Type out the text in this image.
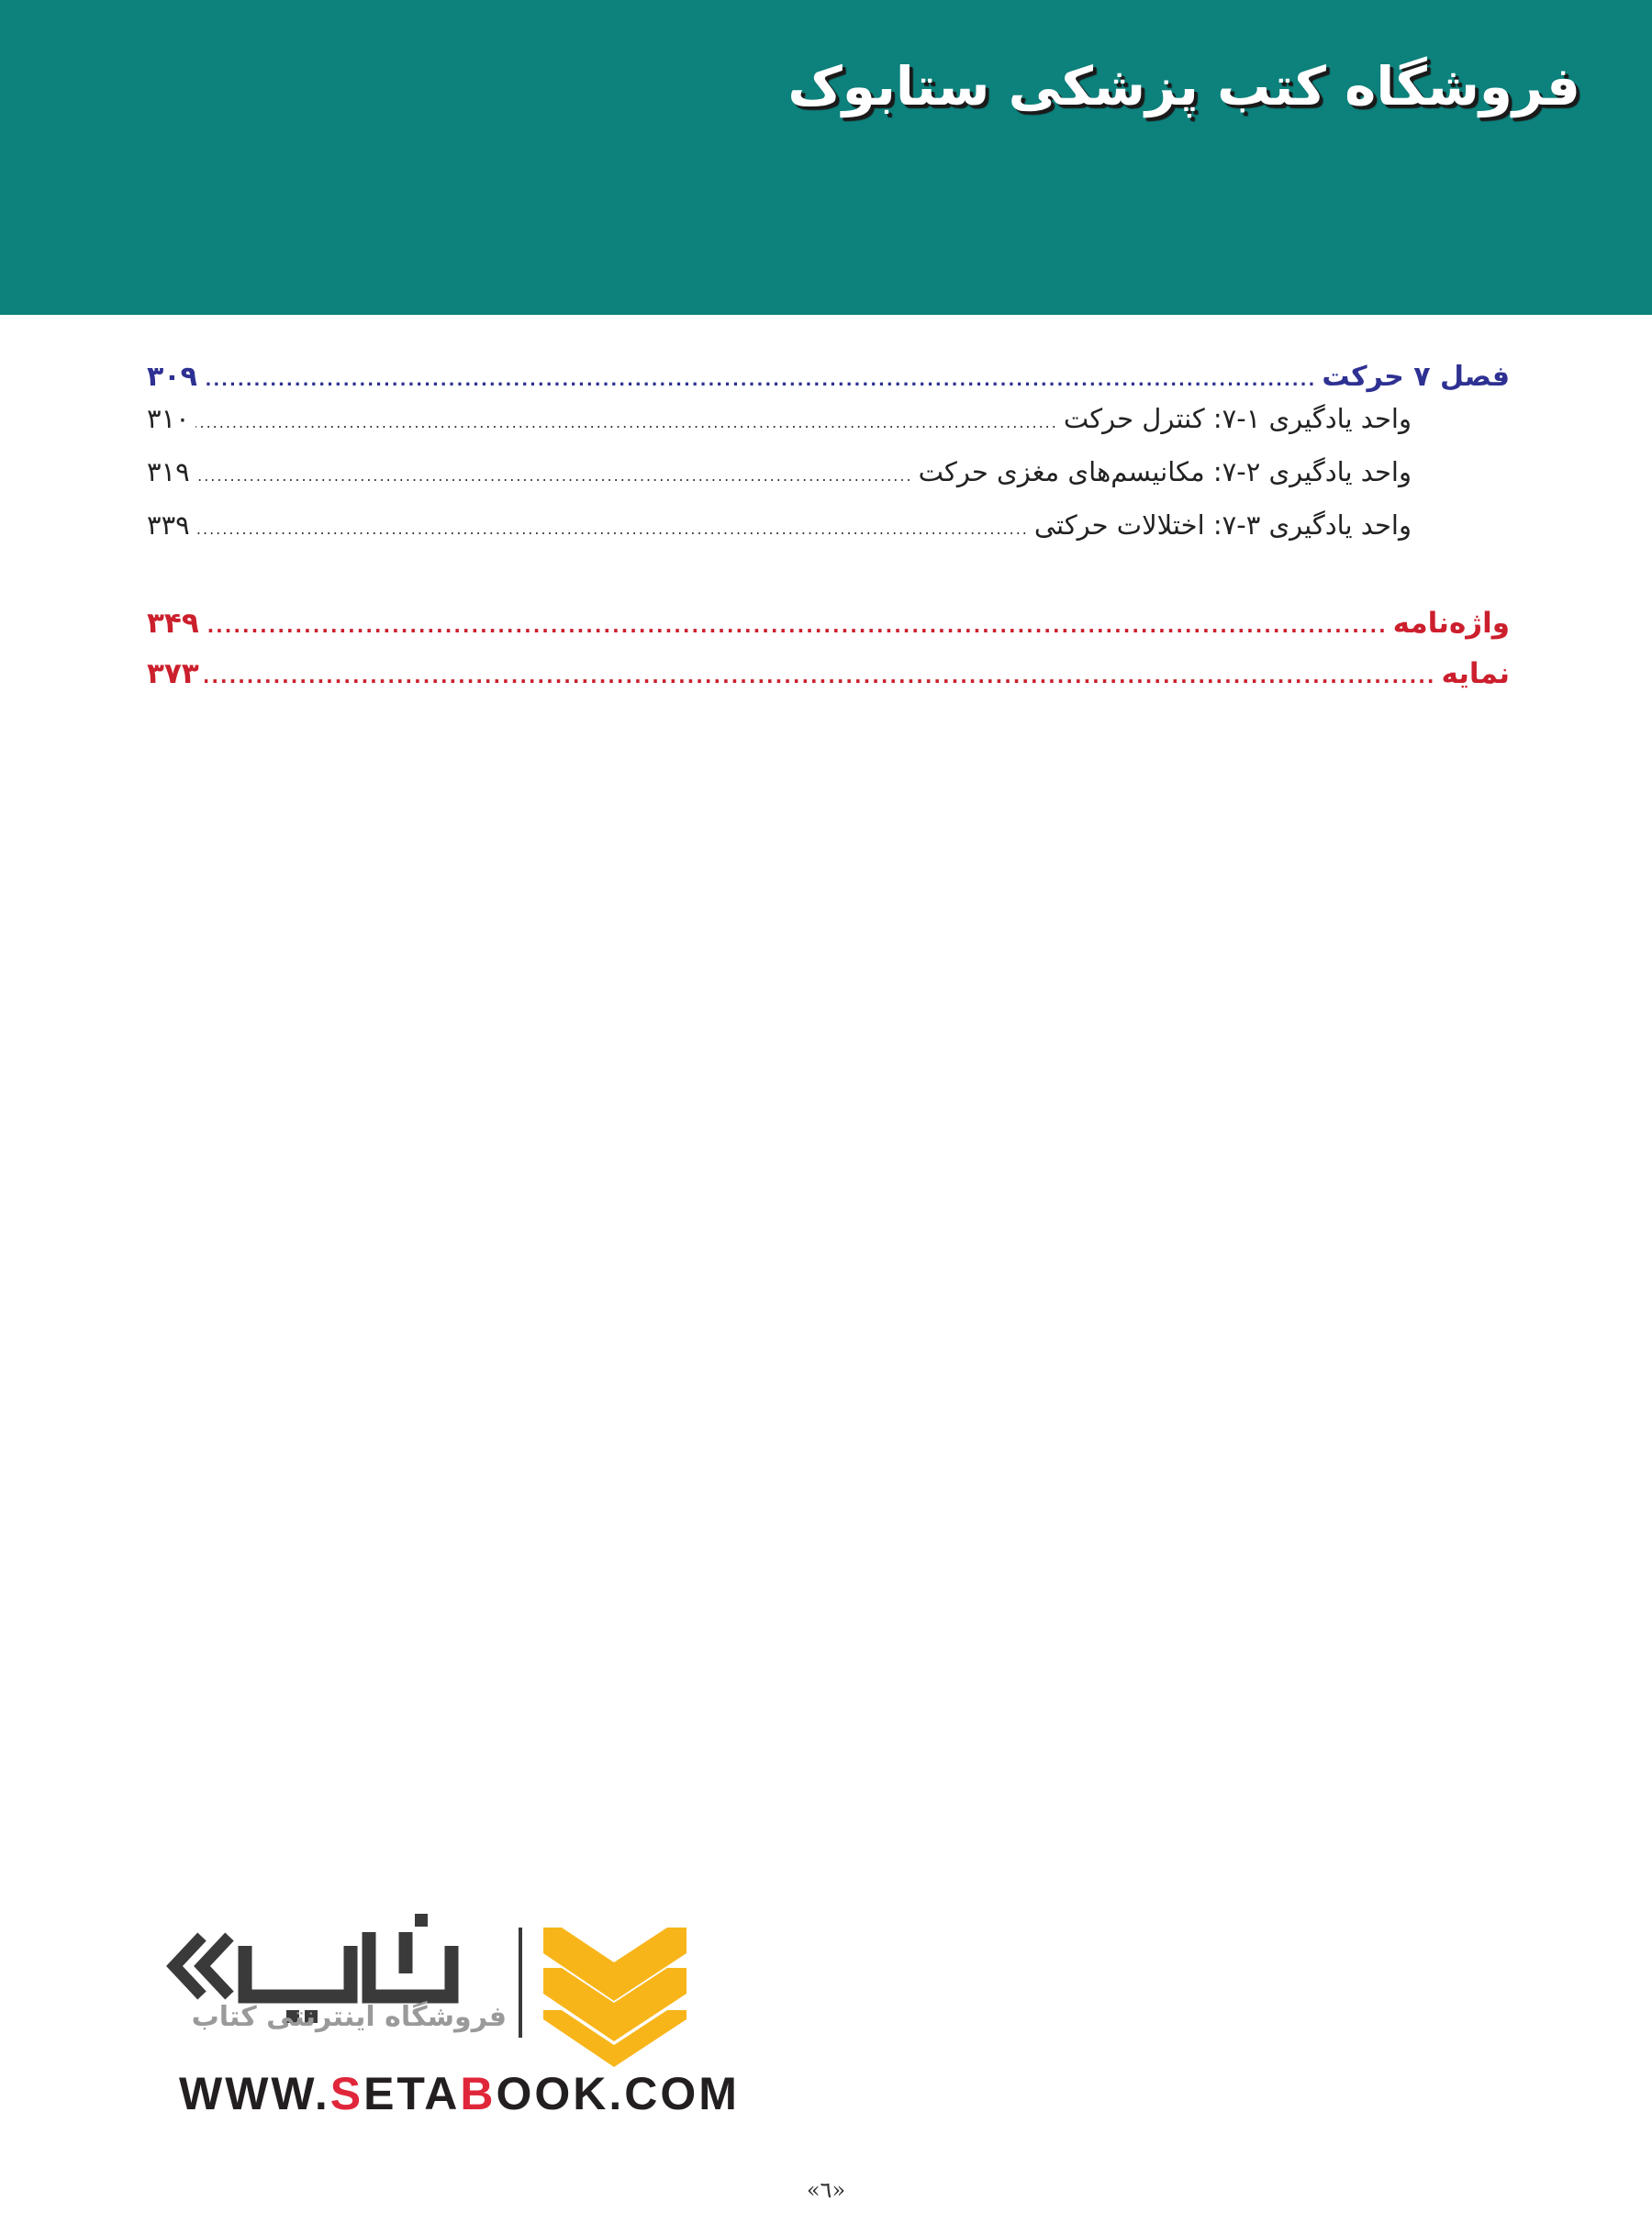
فروشگاه کتب پزشکی ستابوک
فصل ۷ حرکت
.....
۳۰۹
واحد یادگیری ۱-۷: کنترل حرکت
.....
۳۱۰
واحد یادگیری ۲-۷: مکانیسم‌های مغزی حرکت
.....
۳۱۹
واحد یادگیری ۳-۷: اختلالات حرکتی
.....
۳۳۹
واژه‌نامه
.....
۳۴۹
نمایه
.....
۳۷۳
فروشگاه اینترنتی کتاب
WWW.SETABOOK.COM
«٦»
